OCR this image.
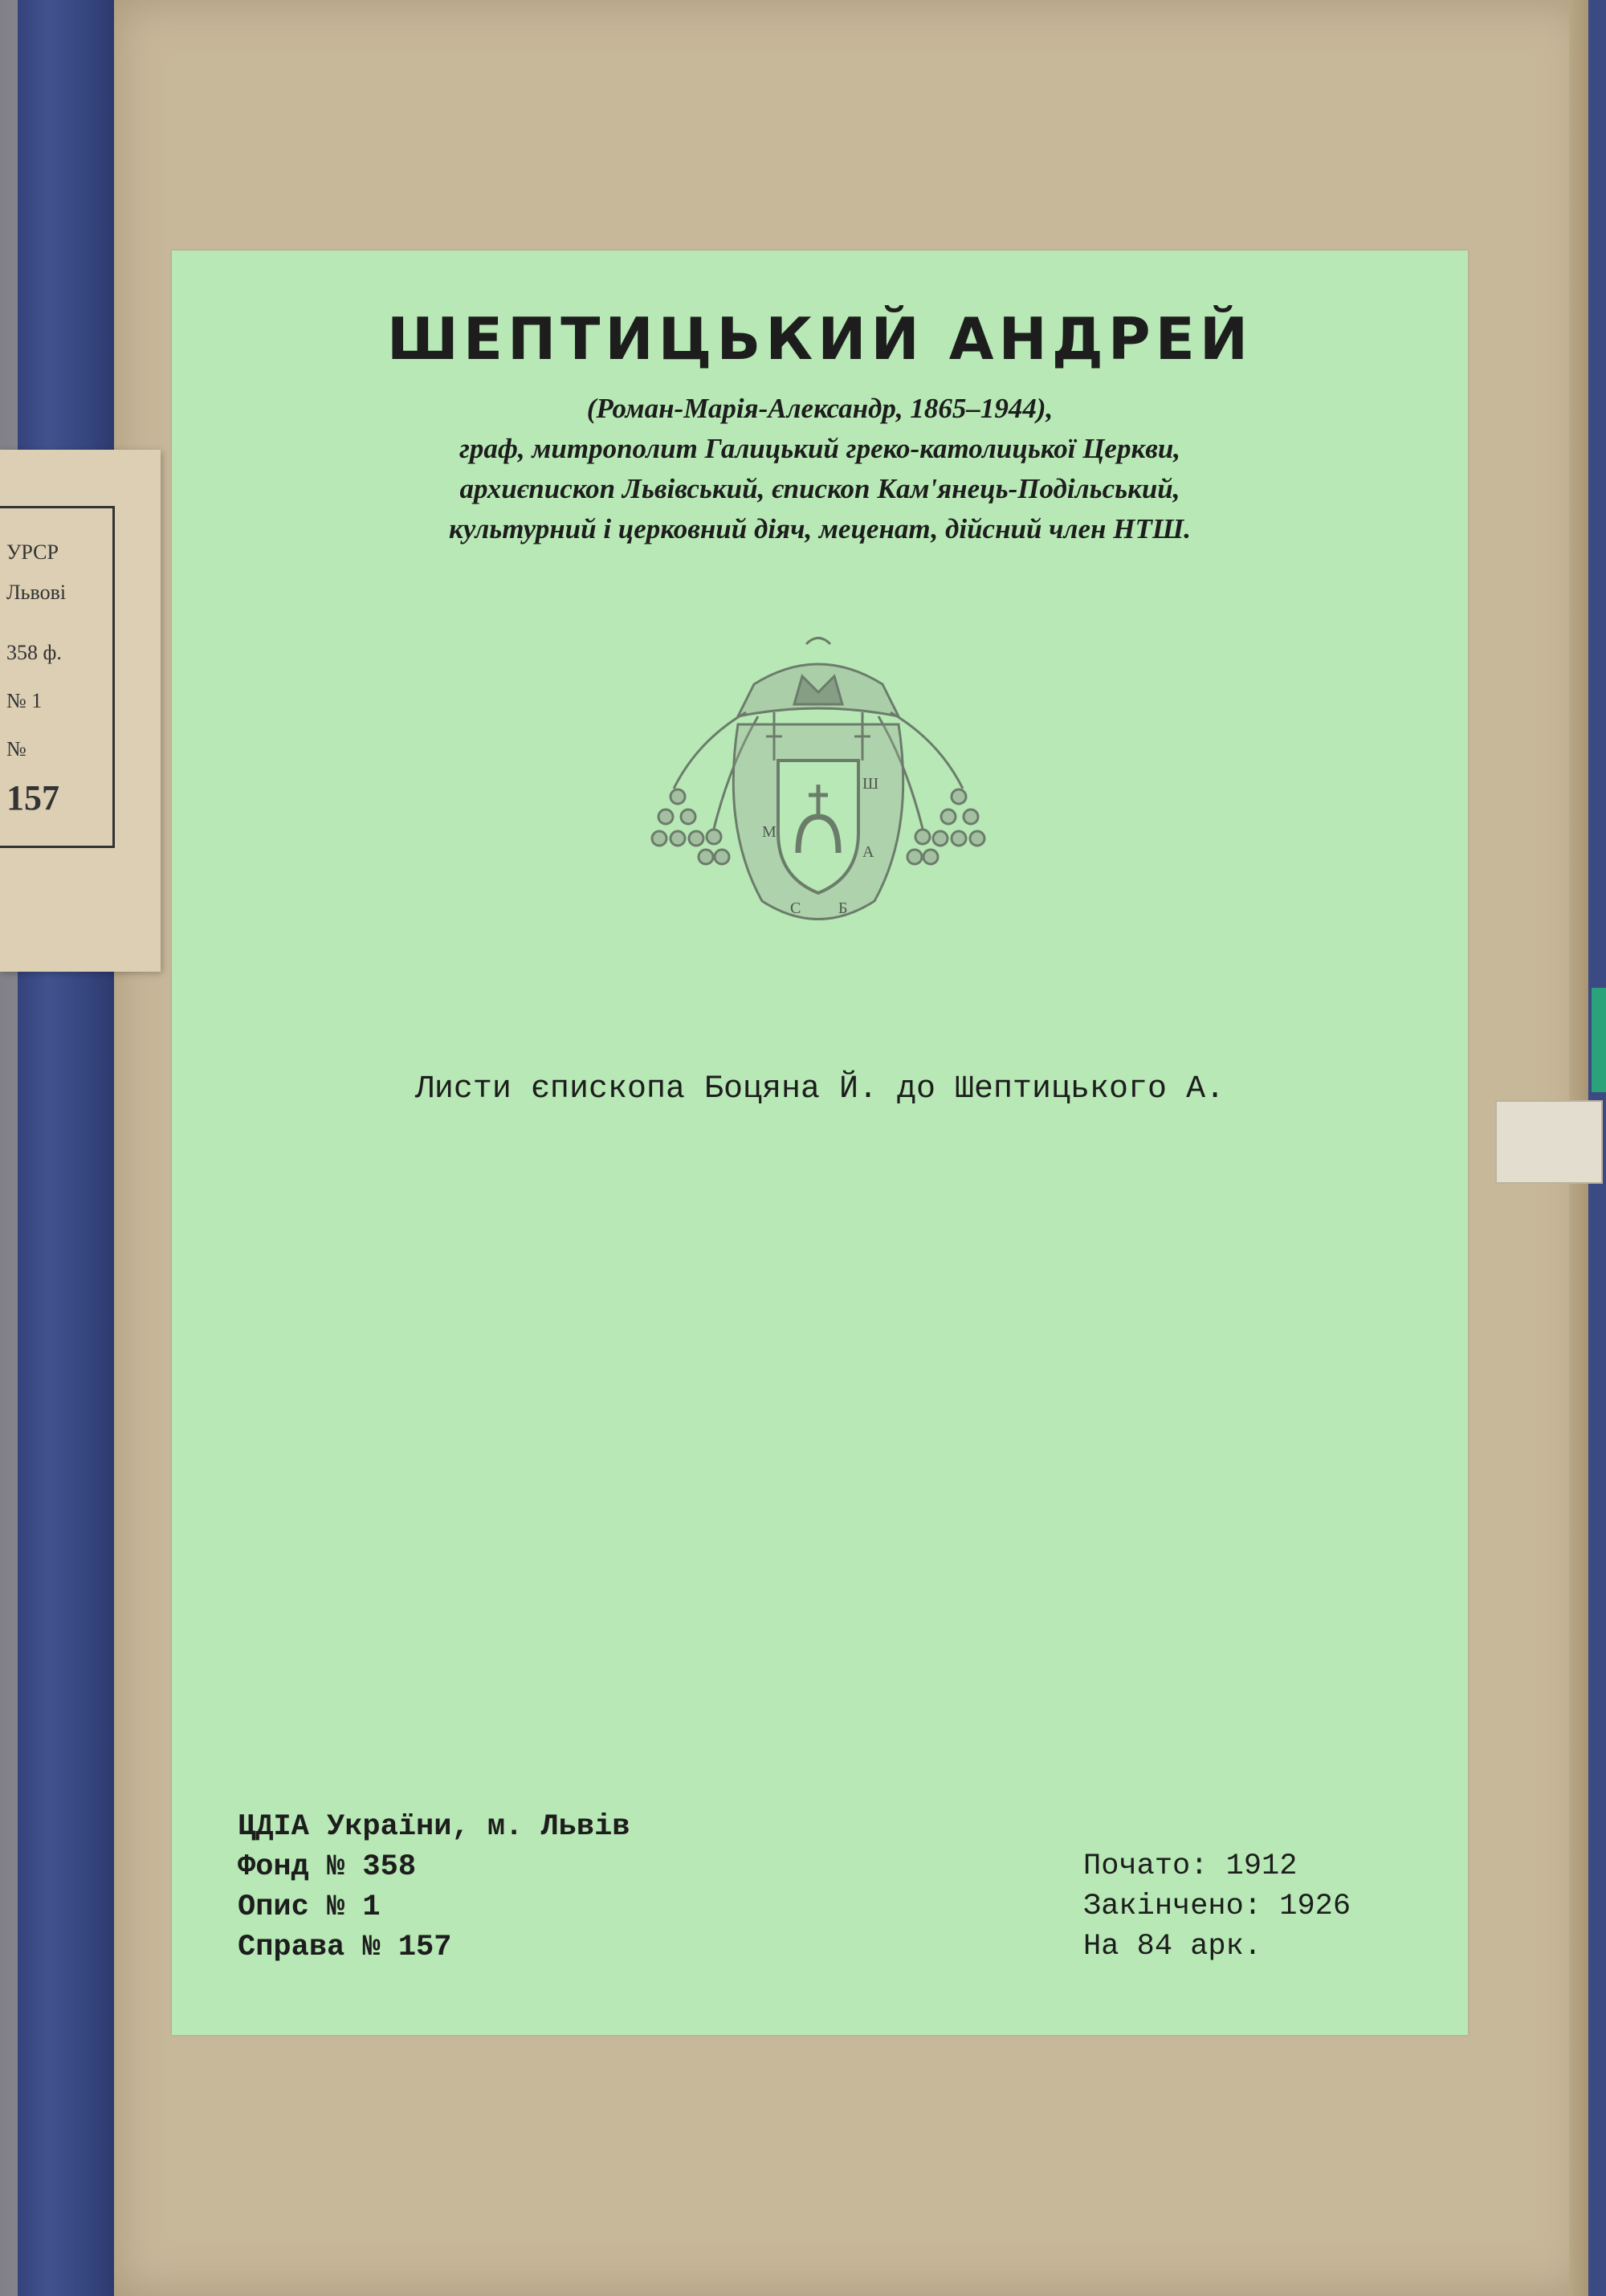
УРСР
Львові
358 ф.
№ 1
№
157
ШЕПТИЦЬКИЙ АНДРЕЙ
(Роман-Марія-Александр, 1865–1944),
граф, митрополит Галицький греко-католицької Церкви,
архиєпископ Львівський, єпископ Кам'янець-Подільський,
культурний і церковний діяч, меценат, дійсний член НТШ.
М
Ш
С
А
Б
Листи єпископа Боцяна Й. до Шептицького А.
ЦДІА України, м. Львів
Фонд № 358
Опис № 1
Справа № 157
Почато: 1912
Закінчено: 1926
На 84 арк.
